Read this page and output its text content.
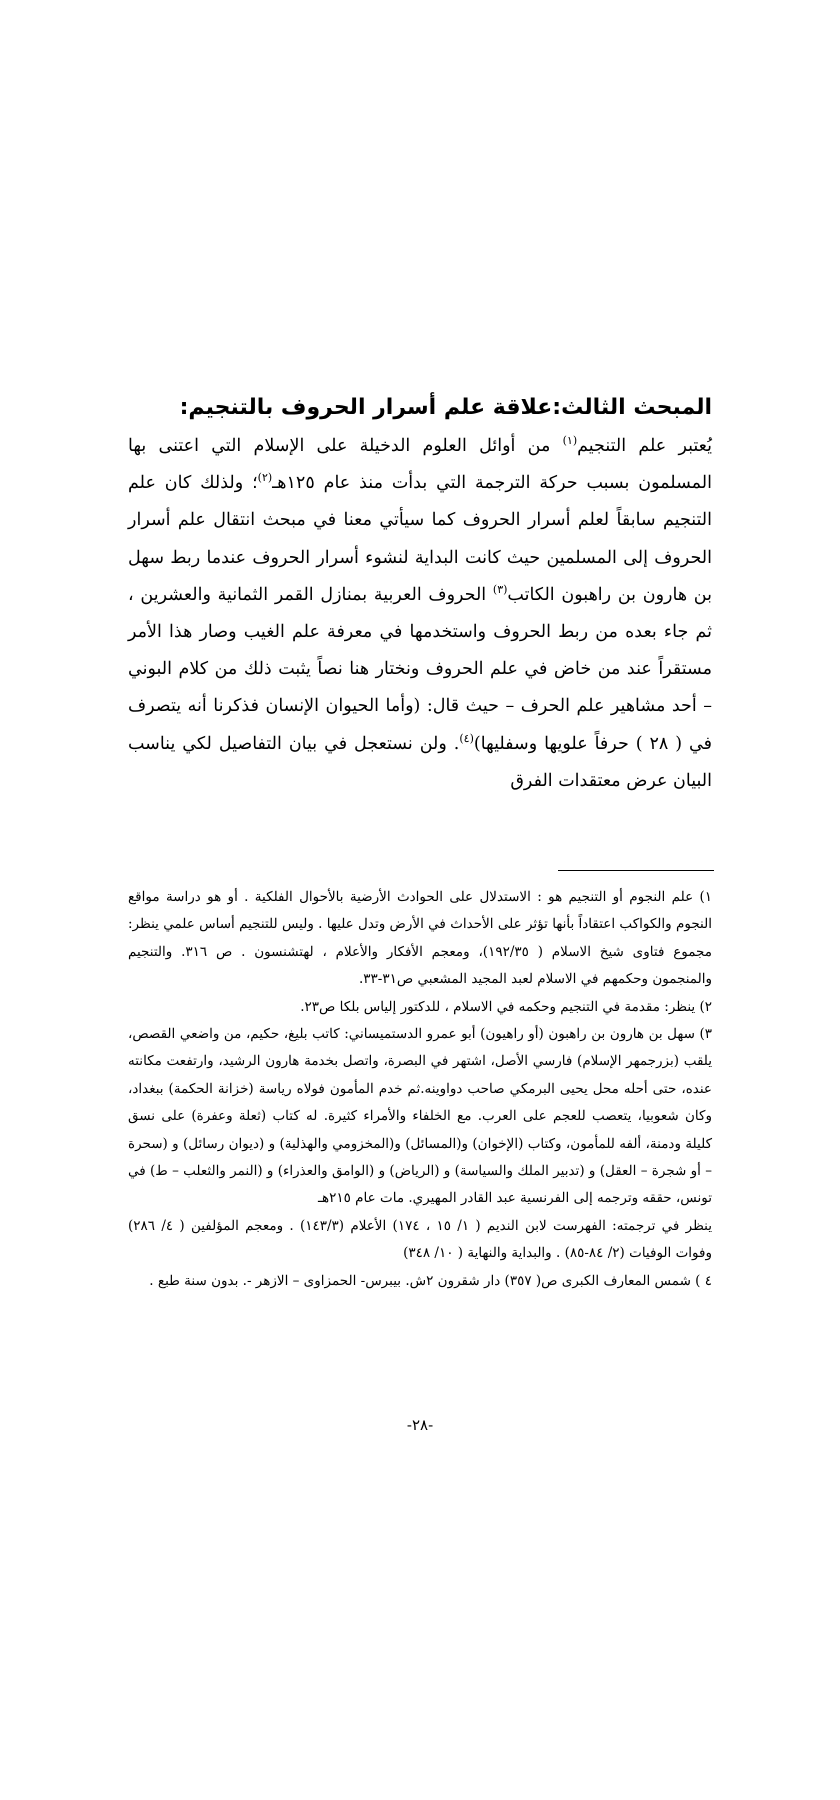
المبحث الثالث:علاقة علم أسرار الحروف بالتنجيم:

يُعتبر علم التنجيم$^{(١)}$ من أوائل العلوم الدخيلة على الإسلام التي اعتنى بها المسلمون بسبب حركة الترجمة التي بدأت منذ عام ١٢٥هـ$^{(٢)}$؛ ولذلك كان علم التنجيم سابقاً لعلم أسرار الحروف كما سيأتي معنا في مبحث انتقال علم أسرار الحروف إلى المسلمين حيث كانت البداية لنشوء أسرار الحروف عندما ربط سهل بن هارون بن راهبون الكاتب$^{(٣)}$ الحروف العربية بمنازل القمر الثمانية والعشرين ، ثم جاء بعده من ربط الحروف واستخدمها في معرفة علم الغيب وصار هذا الأمر مستقراً عند من خاض في علم الحروف ونختار هنا نصاً يثبت ذلك من كلام البوني – أحد مشاهير علم الحرف – حيث قال: (وأما الحيوان الإنسان فذكرنا أنه يتصرف في ( ٢٨ ) حرفاً علويها وسفليها)$^{(٤)}$. ولن نستعجل في بيان التفاصيل لكي يناسب البيان عرض معتقدات الفرق

١) علم النجوم أو التنجيم هو : الاستدلال على الحوادث الأرضية بالأحوال الفلكية . أو هو دراسة مواقع النجوم والكواكب اعتقاداً بأنها تؤثر على الأحداث في الأرض وتدل عليها . وليس للتنجيم أساس علمي ينظر: مجموع فتاوى شيخ الاسلام ( ١٩٢/٣٥)، ومعجم الأفكار والأعلام ، لهتشنسون . ص ٣١٦. والتنجيم والمنجمون وحكمهم في الاسلام لعبد المجيد المشعبي ص٣١-٣٣.

٢) ينظر: مقدمة في التنجيم وحكمه في الاسلام ، للدكتور إلياس بلكا ص٢٣.

٣) سهل بن هارون بن راهبون (أو راهيون) أبو عمرو الدستميساني: كاتب بليغ، حكيم، من واضعي القصص، يلقب (بزرجمهر الإسلام) فارسي الأصل، اشتهر في البصرة، واتصل بخدمة هارون الرشيد، وارتفعت مكانته عنده، حتى أحله محل يحيى البرمكي صاحب دواوينه.ثم خدم المأمون فولاه رياسة (خزانة الحكمة) ببغداد، وكان شعوبيا، يتعصب للعجم على العرب. مع الخلفاء والأمراء كثيرة. له كتاب (ثعلة وعفرة) على نسق كليلة ودمنة، ألفه للمأمون، وكتاب (الإخوان) و(المسائل) و(المخزومي والهذلية) و (ديوان رسائل) و (سحرة – أو شجرة – العقل) و (تدبير الملك والسياسة) و (الرياض) و (الوامق والعذراء) و (النمر والثعلب – ط) في تونس، حققه وترجمه إلى الفرنسية عبد القادر المهيري. مات عام ٢١٥هـ

ينظر في ترجمته: الفهرست لابن النديم ( ١/ ١٥ ، ١٧٤) الأعلام (١٤٣/٣) . ومعجم المؤلفين ( ٤/ ٢٨٦) وفوات الوفيات (٢/ ٨٤-٨٥) . والبداية والنهاية ( ١٠/ ٣٤٨)

٤ ) شمس المعارف الكبرى ص( ٣٥٧) دار شقرون ٢ش. بيبرس- الحمزاوى – الازهر -. بدون سنة طبع .

-٢٨-
